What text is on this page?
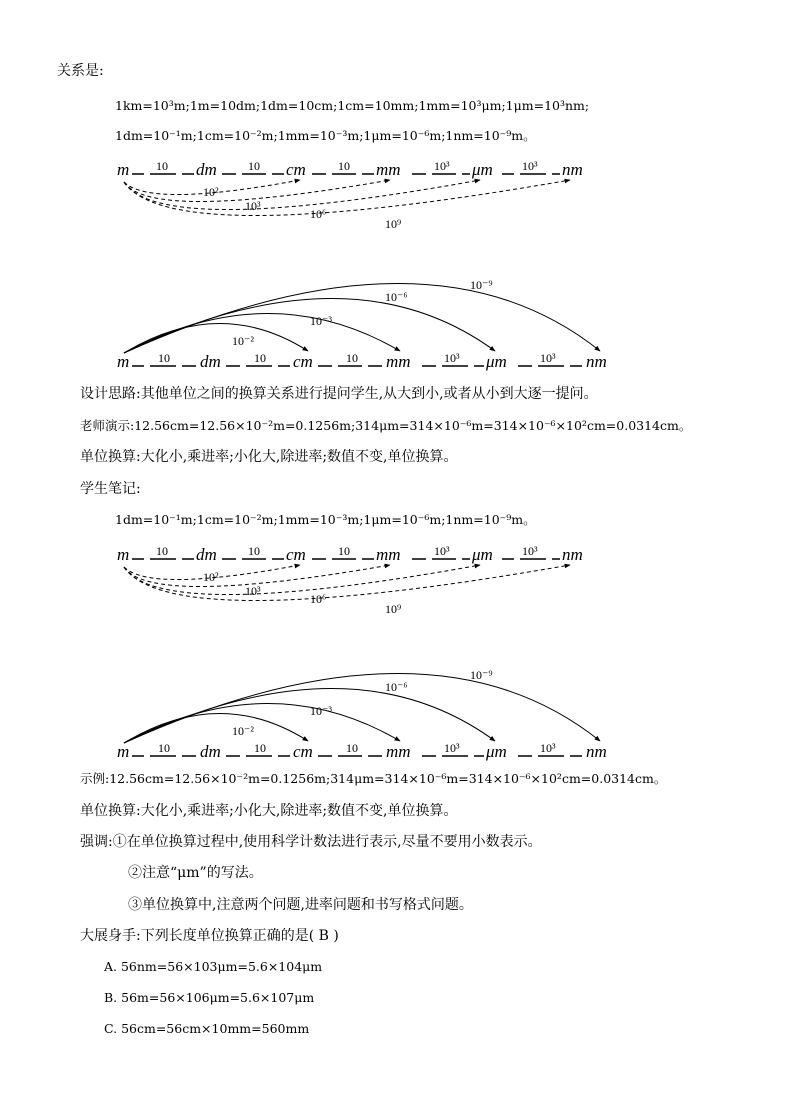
关系是:
1km=10³m;1m=10dm;1dm=10cm;1cm=10mm;1mm=10³μm;1μm=10³nm;
1dm=10⁻¹m;1cm=10⁻²m;1mm=10⁻³m;1μm=10⁻⁶m;1nm=10⁻⁹m。
m	dm	cm	mm	μm	nm
10	10	10	10³	10³
10²
10³
10⁶
10⁹
10⁻²
10⁻³
10⁻⁶
10⁻⁹
m	dm	cm	mm	μm	nm
10	10	10	10³	10³
设计思路:其他单位之间的换算关系进行提问学生,从大到小,或者从小到大逐一提问。
老师演示:12.56cm=12.56×10⁻²m=0.1256m;314μm=314×10⁻⁶m=314×10⁻⁶×10²cm=0.0314cm。
单位换算:大化小,乘进率;小化大,除进率;数值不变,单位换算。
学生笔记:
1dm=10⁻¹m;1cm=10⁻²m;1mm=10⁻³m;1μm=10⁻⁶m;1nm=10⁻⁹m。
m	dm	cm	mm	μm	nm
10	10	10	10³	10³
10²
10³
10⁶
10⁹
10⁻²
10⁻³
10⁻⁶
10⁻⁹
m	dm	cm	mm	μm	nm
10	10	10	10³	10³
示例:12.56cm=12.56×10⁻²m=0.1256m;314μm=314×10⁻⁶m=314×10⁻⁶×10²cm=0.0314cm。
单位换算:大化小,乘进率;小化大,除进率;数值不变,单位换算。
强调:①在单位换算过程中,使用科学计数法进行表示,尽量不要用小数表示。
②注意“μm”的写法。
③单位换算中,注意两个问题,进率问题和书写格式问题。
大展身手:下列长度单位换算正确的是( B )
A. 56nm=56×103μm=5.6×104μm
B. 56m=56×106μm=5.6×107μm
C. 56cm=56cm×10mm=560mm
